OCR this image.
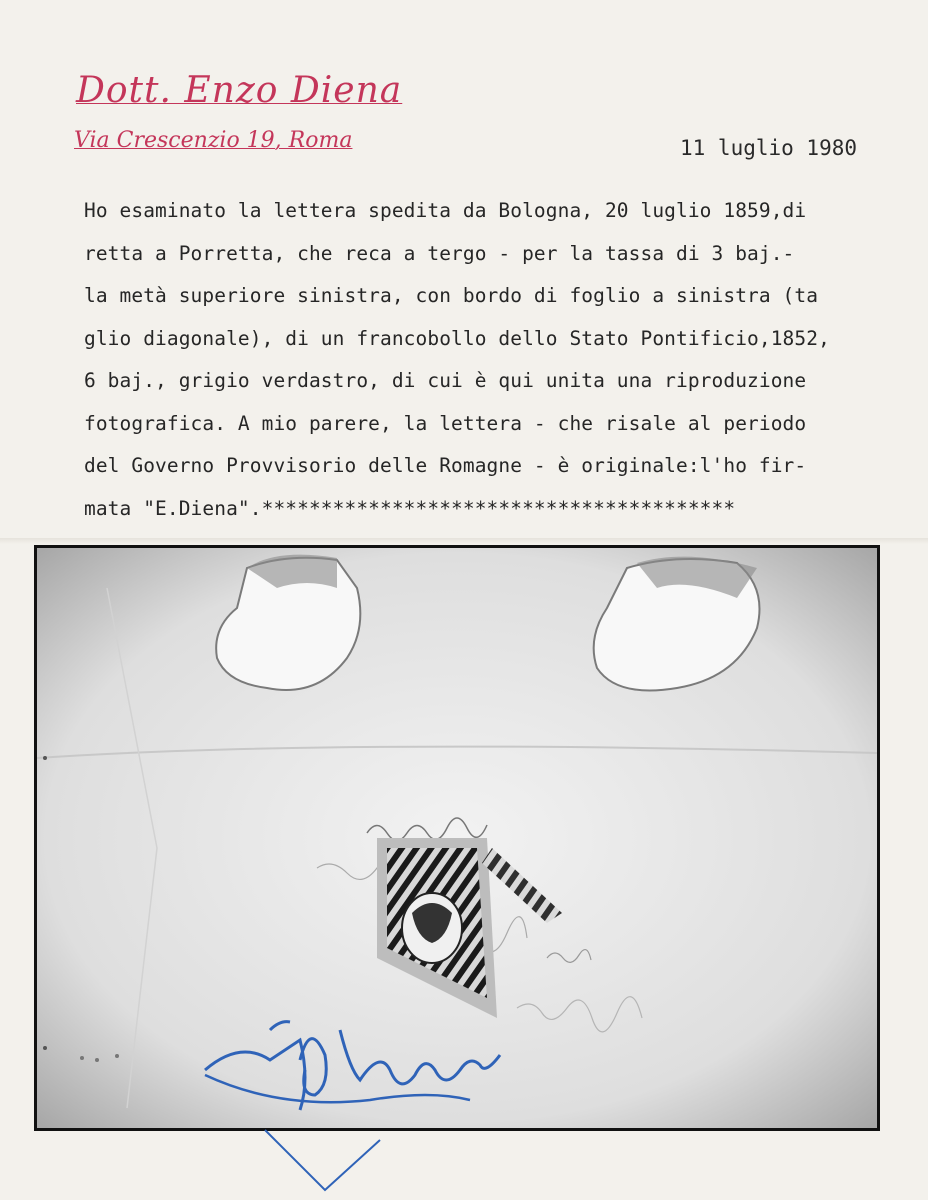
Dott. Enzo Diena
Via Crescenzio 19, Roma	11 luglio 1980
Ho esaminato la lettera spedita da Bologna, 20 luglio 1859,di
retta a Porretta, che reca a tergo - per la tassa di 3 baj.-
la metà superiore sinistra, con bordo di foglio a sinistra (ta
glio diagonale), di un francobollo dello Stato Pontificio,1852,
6 baj., grigio verdastro, di cui è qui unita una riproduzione
fotografica. A mio parere, la lettera - che risale al periodo
del Governo Provvisorio delle Romagne - è originale:l'ho fir-
mata "E.Diena".****************************************
